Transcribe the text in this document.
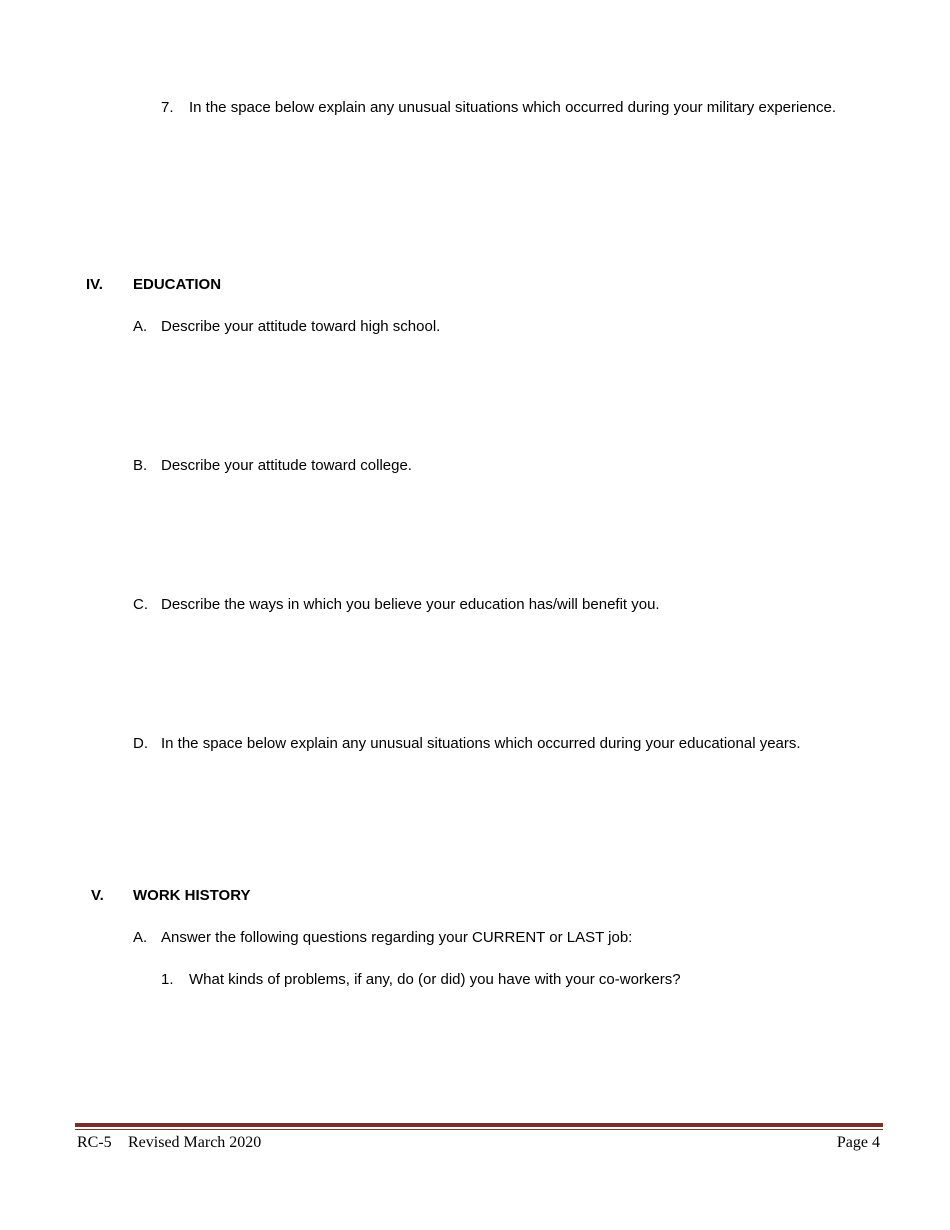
7. In the space below explain any unusual situations which occurred during your military experience.
IV. EDUCATION
A. Describe your attitude toward high school.
B. Describe your attitude toward college.
C. Describe the ways in which you believe your education has/will benefit you.
D. In the space below explain any unusual situations which occurred during your educational years.
V. WORK HISTORY
A. Answer the following questions regarding your CURRENT or LAST job:
1. What kinds of problems, if any, do (or did) you have with your co-workers?
RC-5 Revised March 2020	Page 4
